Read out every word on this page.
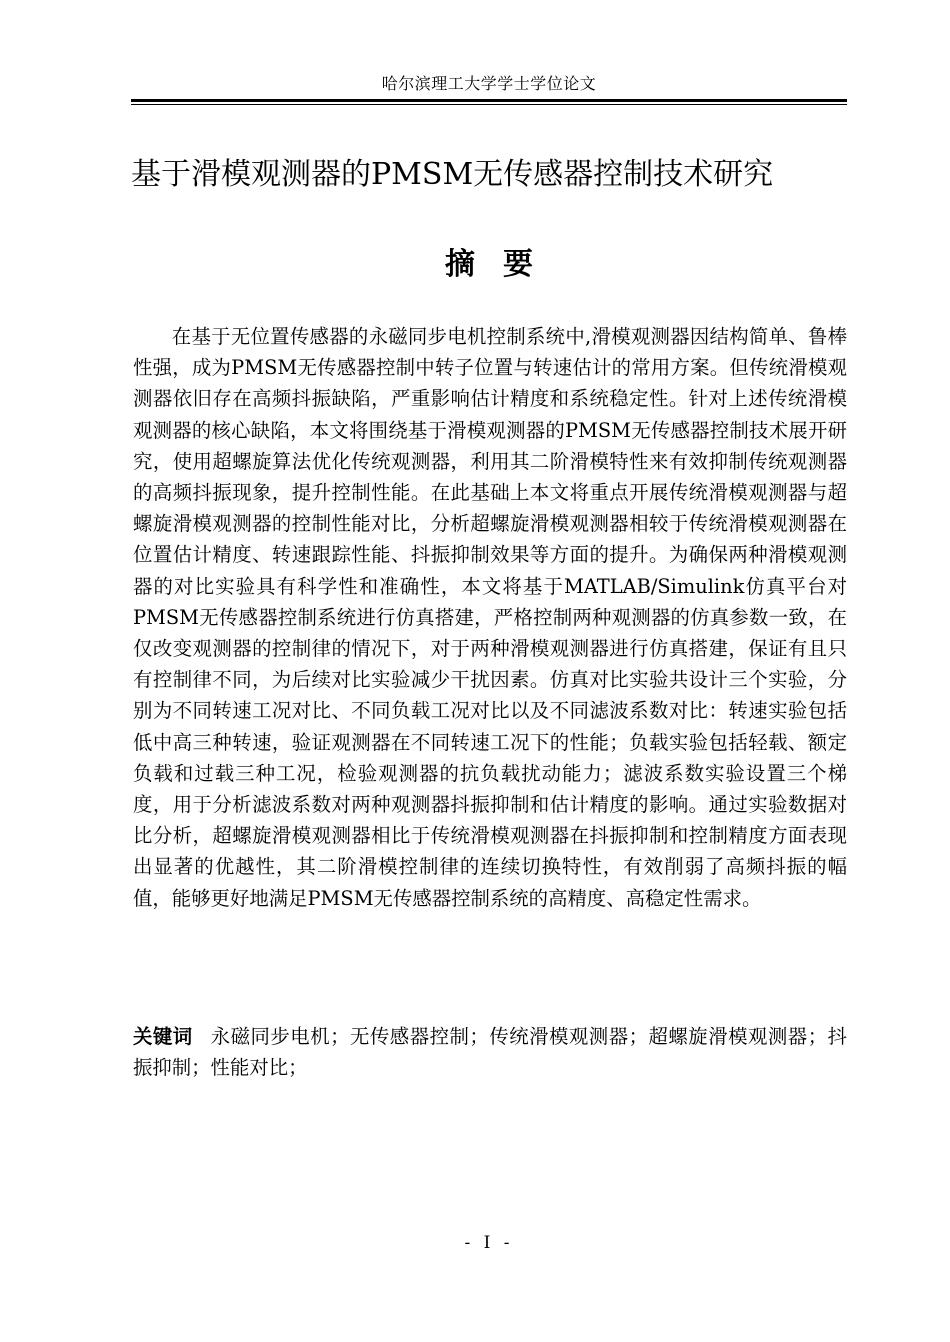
哈尔滨理工大学学士学位论文
基于滑模观测器的PMSM无传感器控制技术研究
摘要

在基于无位置传感器的永磁同步电机控制系统中,滑模观测器因结构简单、鲁棒性强，成为PMSM无传感器控制中转子位置与转速估计的常用方案。但传统滑模观测器依旧存在高频抖振缺陷，严重影响估计精度和系统稳定性。针对上述传统滑模观测器的核心缺陷，本文将围绕基于滑模观测器的PMSM无传感器控制技术展开研究，使用超螺旋算法优化传统观测器，利用其二阶滑模特性来有效抑制传统观测器的高频抖振现象，提升控制性能。在此基础上本文将重点开展传统滑模观测器与超螺旋滑模观测器的控制性能对比，分析超螺旋滑模观测器相较于传统滑模观测器在位置估计精度、转速跟踪性能、抖振抑制效果等方面的提升。为确保两种滑模观测器的对比实验具有科学性和准确性，本文将基于MATLAB/Simulink仿真平台对PMSM无传感器控制系统进行仿真搭建，严格控制两种观测器的仿真参数一致，在仅改变观测器的控制律的情况下，对于两种滑模观测器进行仿真搭建，保证有且只有控制律不同，为后续对比实验减少干扰因素。仿真对比实验共设计三个实验，分别为不同转速工况对比、不同负载工况对比以及不同滤波系数对比：转速实验包括低中高三种转速，验证观测器在不同转速工况下的性能；负载实验包括轻载、额定负载和过载三种工况，检验观测器的抗负载扰动能力；滤波系数实验设置三个梯度，用于分析滤波系数对两种观测器抖振抑制和估计精度的影响。通过实验数据对比分析，超螺旋滑模观测器相比于传统滑模观测器在抖振抑制和控制精度方面表现出显著的优越性，其二阶滑模控制律的连续切换特性，有效削弱了高频抖振的幅值，能够更好地满足PMSM无传感器控制系统的高精度、高稳定性需求。

关键词 永磁同步电机；无传感器控制；传统滑模观测器；超螺旋滑模观测器；抖振抑制；性能对比；

- I -
